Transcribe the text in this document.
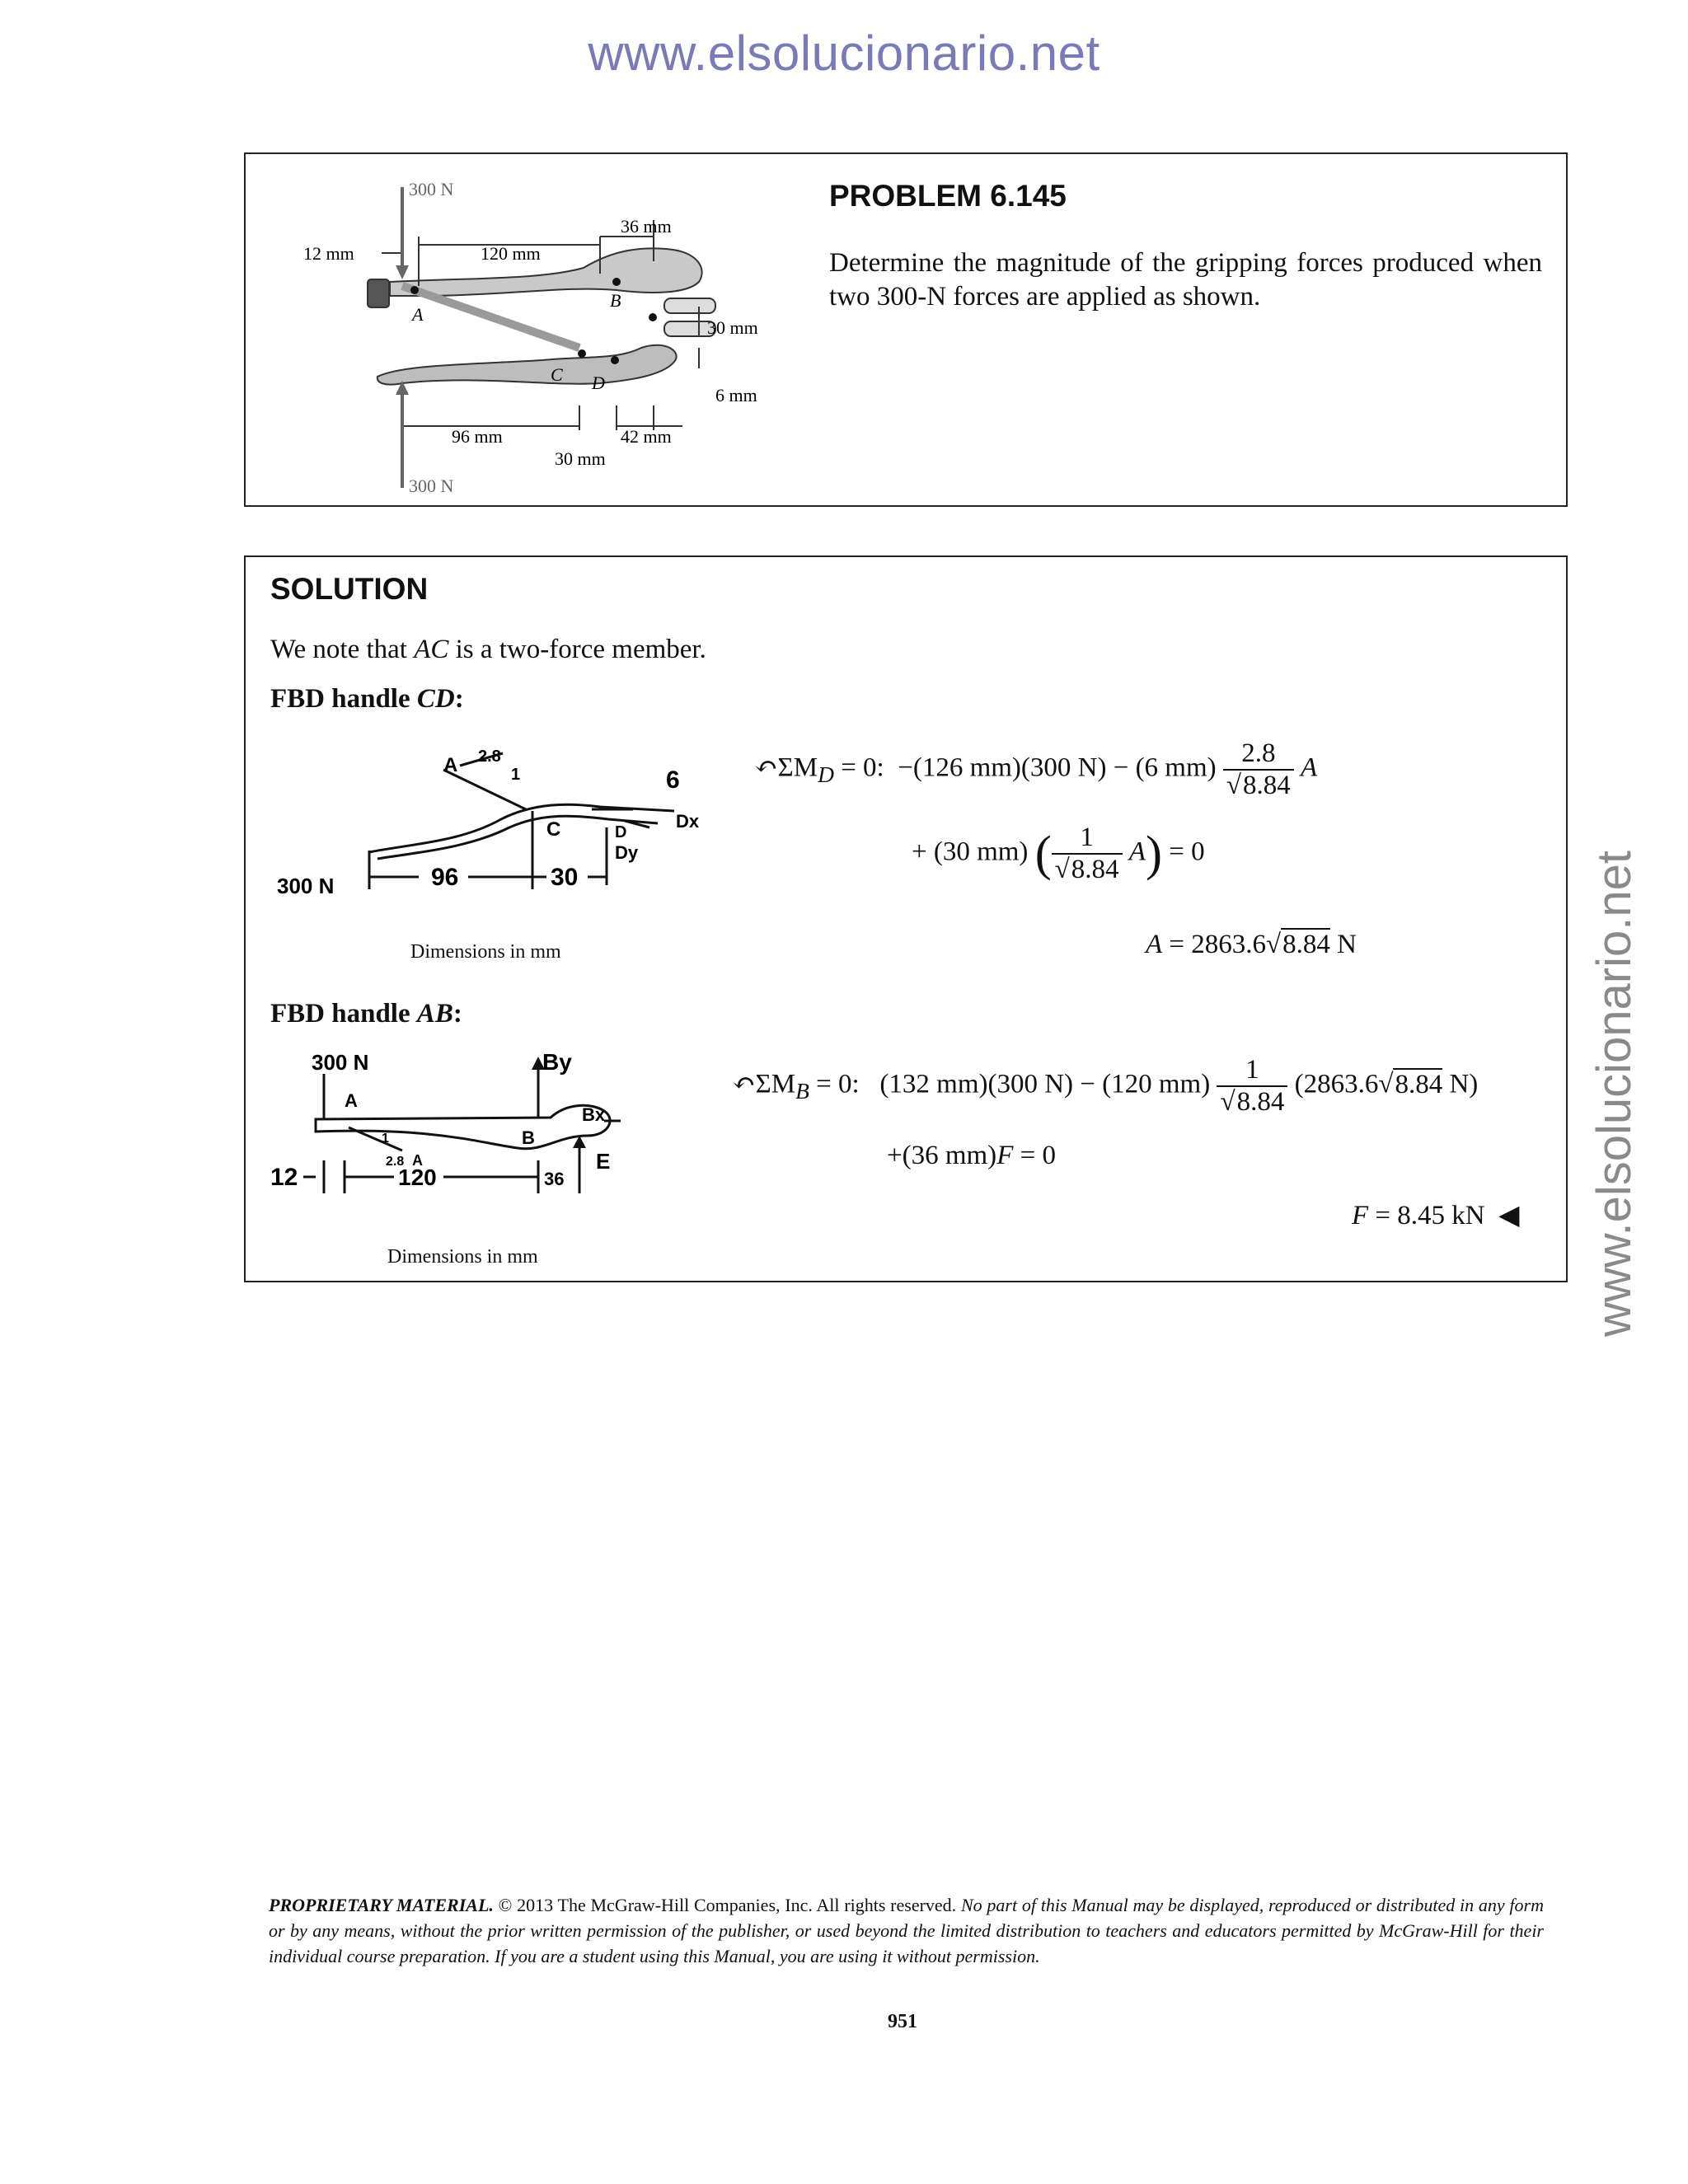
www.elsolucionario.net
www.elsolucionario.net
300 N
300 N
12 mm	120 mm
36 mm
30 mm
6 mm
96 mm	42 mm
30 mm
A
B
C D
PROBLEM 6.145
Determine the magnitude of the gripping forces produced when two 300-N forces are applied as shown.
SOLUTION
We note that AC is a two-force member.
FBD handle CD:
A 2.8
1	6
C	D
Dx
Dy
300 N	96	30
Dimensions in mm
$↶\Sigma M_D = 0$: −(126 mm)(300 N) − (6 $mm) \frac{2.8}{√8.84}$ A
+ (30 mm) ( $\frac{1}{√8.84} A) = 0$
A = 2863.6√8.84 N
FBD handle AB:
300 N
A
By
Bx
B
2.8
1
A	E
12	120	36
Dimensions in mm
$↶\Sigma M_B = 0$: (132 mm)(300 N) − (120 $mm) \frac{1}{√8.84} (2863.6√8.84$ N)
+(36 mm)F = 0
F = 8.45 kN ◀
PROPRIETARY MATERIAL. © 2013 The McGraw-Hill Companies, Inc. All rights reserved. No part of this Manual may be displayed, reproduced or distributed in any form or by any means, without the prior written permission of the publisher, or used beyond the limited distribution to teachers and educators permitted by McGraw-Hill for their individual course preparation. If you are a student using this Manual, you are using it without permission.
951
